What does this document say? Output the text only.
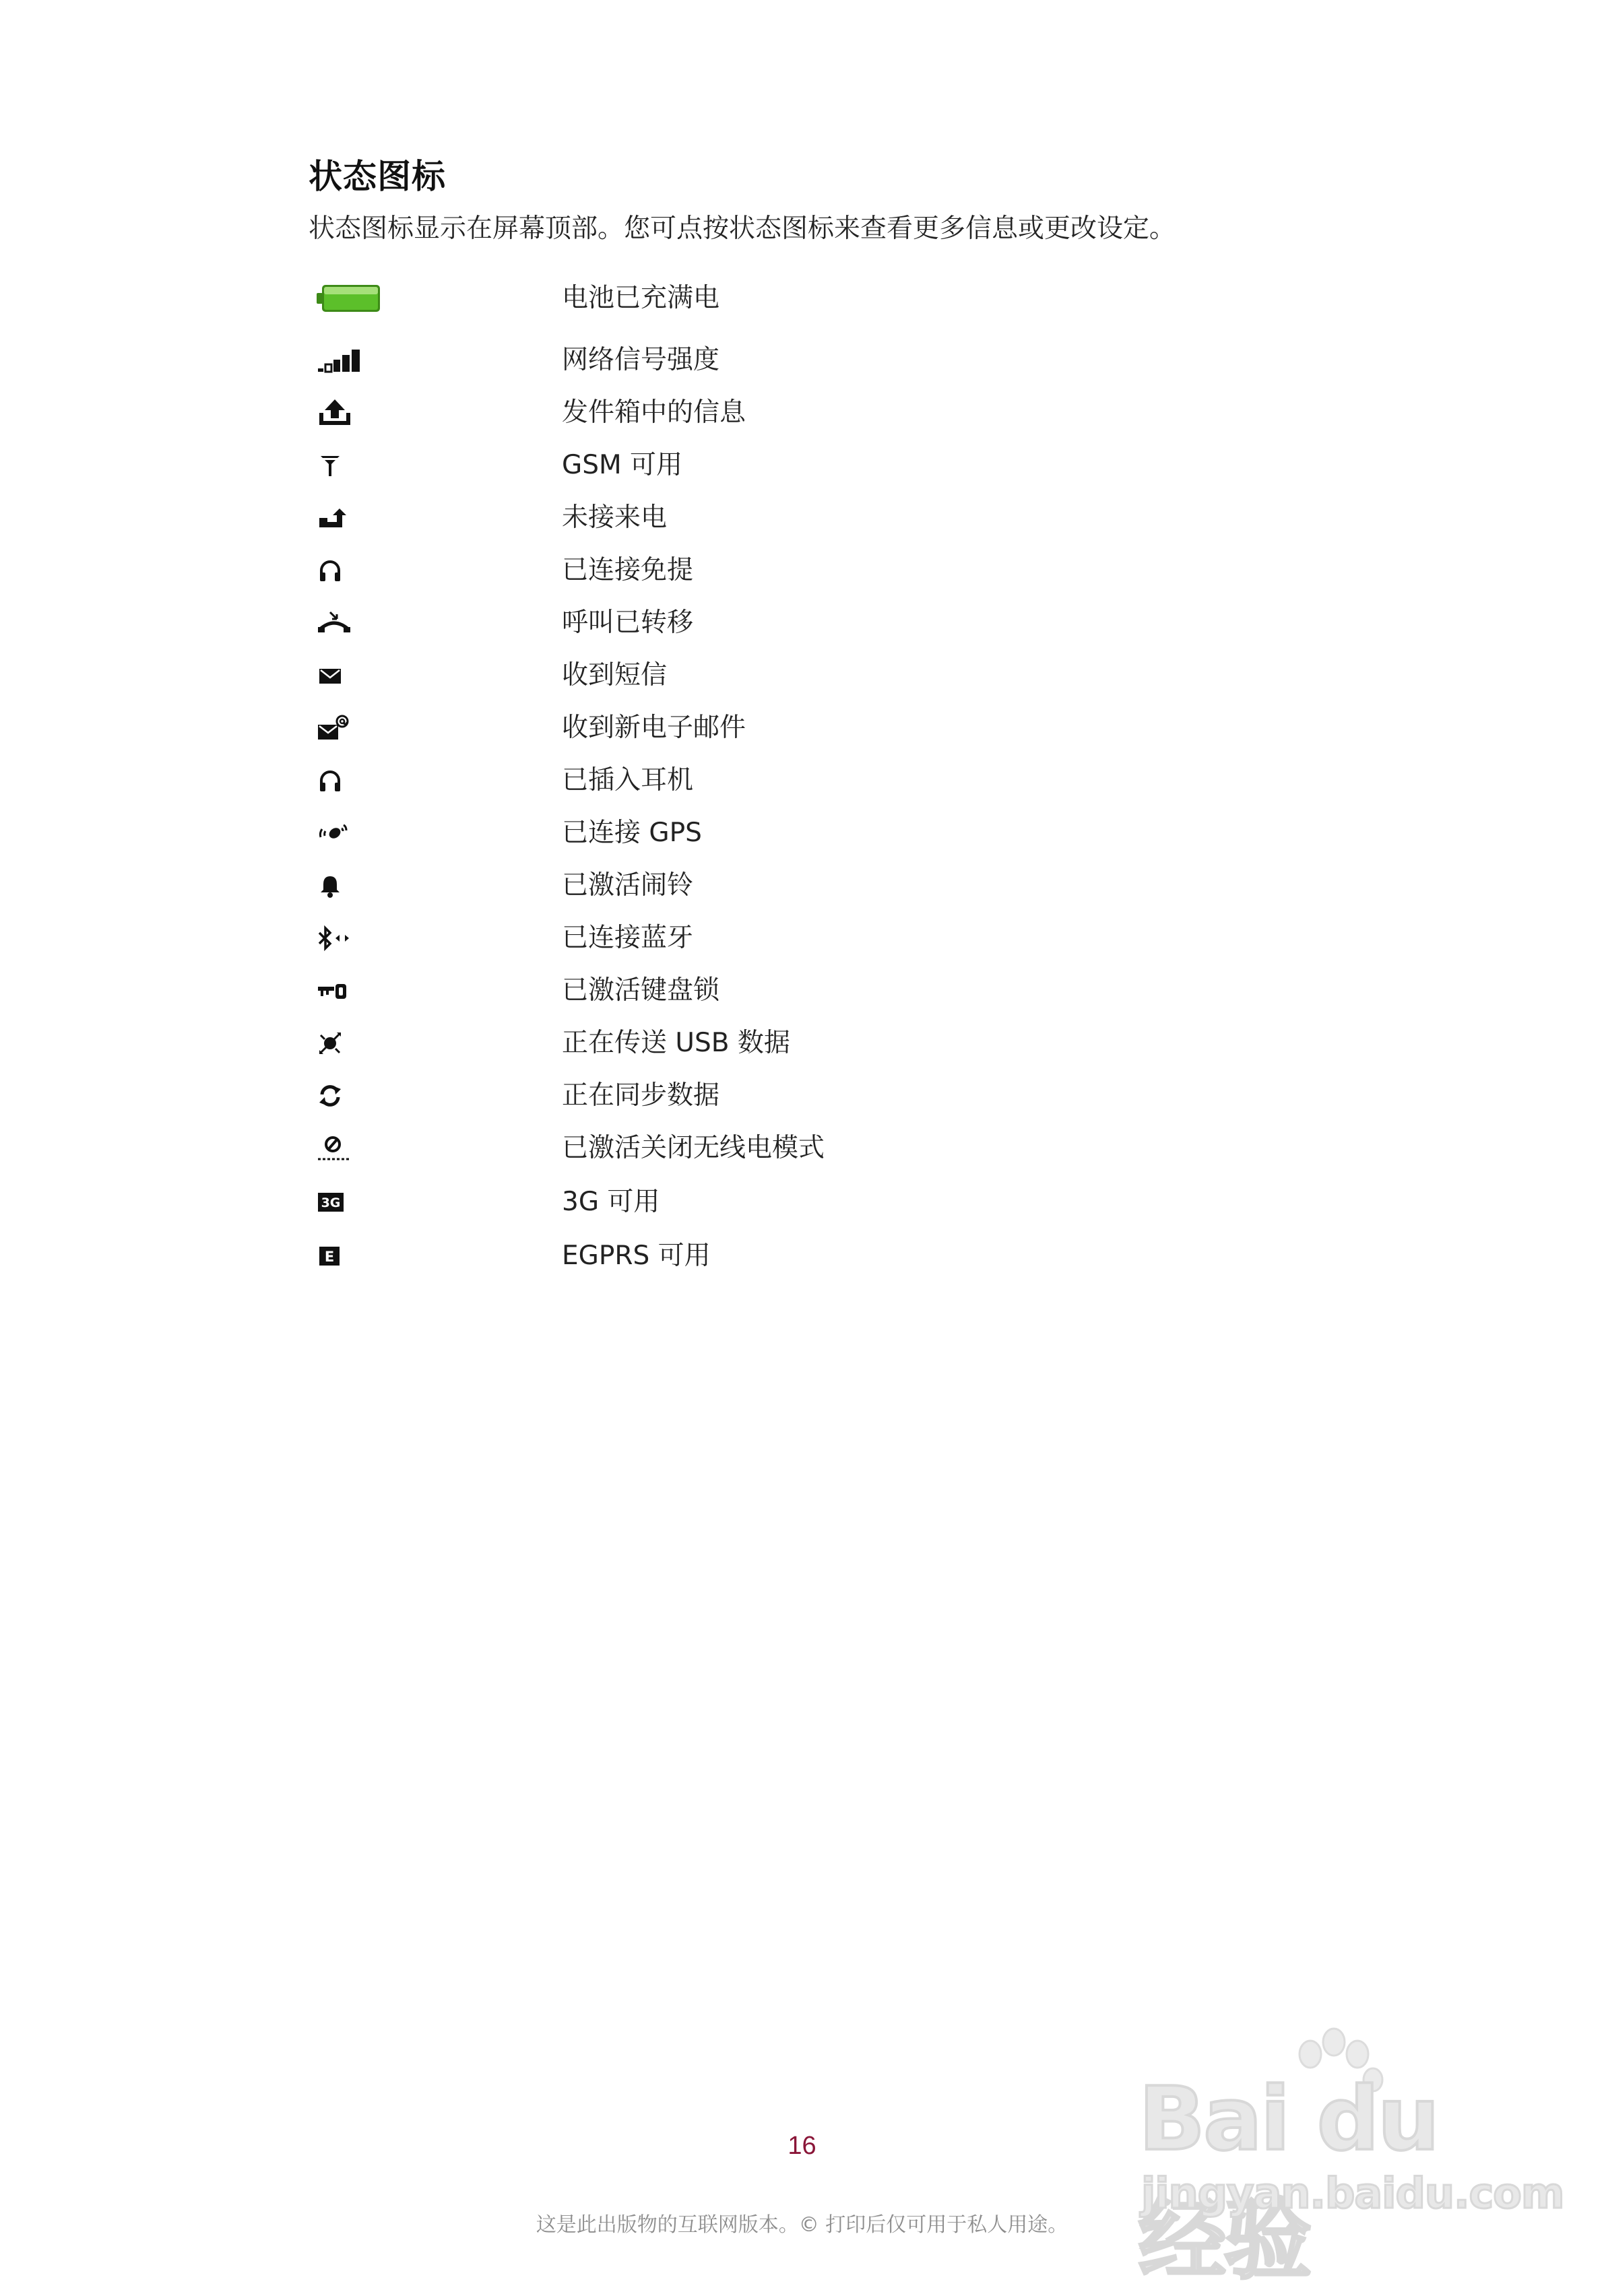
状态图标
状态图标显示在屏幕顶部。您可点按状态图标来查看更多信息或更改设定。
电池已充满电
网络信号强度
发件箱中的信息
GSM 可用
未接来电
已连接免提
呼叫已转移
收到短信
收到新电子邮件
已插入耳机
已连接 GPS
已激活闹铃
已连接蓝牙
已激活键盘锁
正在传送 USB 数据
正在同步数据
已激活关闭无线电模式
3G	3G 可用
E	EGPRS 可用
16	Bai du 经验
jingyan.baidu.com
这是此出版物的互联网版本。© 打印后仅可用于私人用途。
